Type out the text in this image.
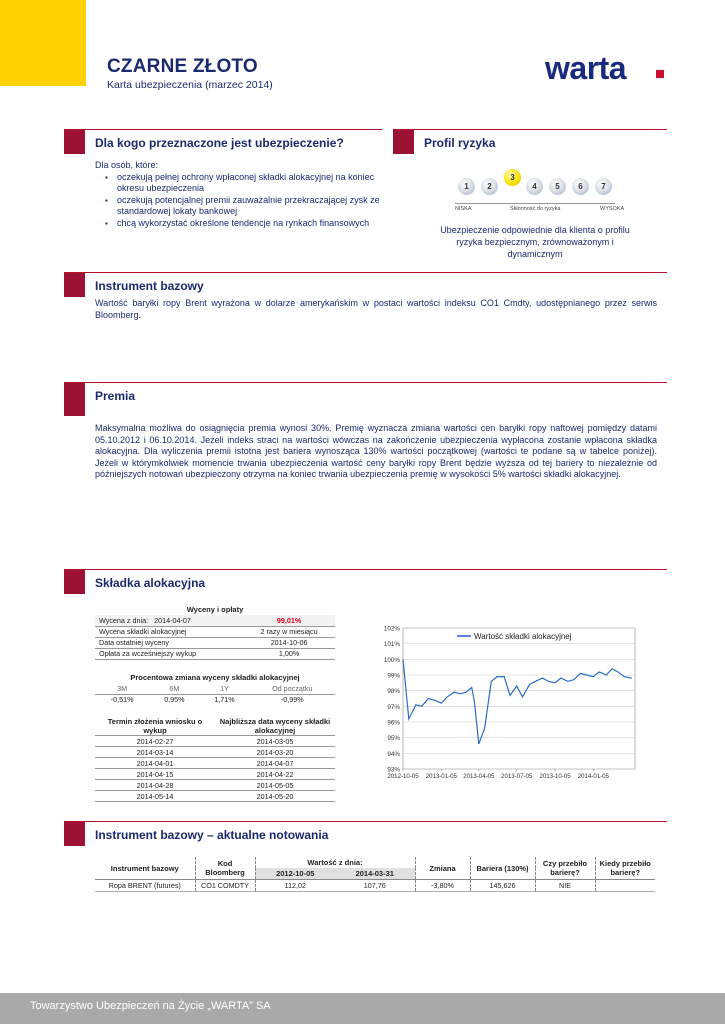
CZARNE ZŁOTO
Karta ubezpieczenia (marzec 2014)	warta
Dla kogo przeznaczone jest ubezpieczenie?
Dla osób, które:
▪ oczekują pełnej ochrony wpłaconej składki alokacyjnej na koniec okresu ubezpieczenia
▪ oczekują potencjalnej premii zauważalnie przekraczającej zysk ze standardowej lokaty bankowej
▪ chcą wykorzystać określone tendencje na rynkach finansowych
Profil ryzyka
1	2
3
4	5	6	7
NISKA	Skłonność do ryzyka	WYSOKA
Ubezpieczenie odpowiednie dla klienta o profilu ryzyka bezpiecznym, zrównoważonym i dynamicznym
Instrument bazowy
Wartość baryłki ropy Brent wyrażona w dolarze amerykańskim w postaci wartości indeksu CO1 Cmdty, udostępnianego przez serwis Bloomberg.
Premia
Maksymalna możliwa do osiągnięcia premia wynosi 30%. Premię wyznacza zmiana wartości cen baryłki ropy naftowej pomiędzy datami 05.10.2012 i 06.10.2014. Jeżeli indeks straci na wartości wówczas na zakończenie ubezpieczenia wypłacona zostanie wpłacona składka alokacyjna. Dla wyliczenia premii istotna jest bariera wynosząca 130% wartości początkowej (wartości te podane są w tabelce poniżej). Jeżeli w którymkolwiek momencie trwania ubezpieczenia wartość ceny baryłki ropy Brent będzie wyższa od tej bariery to niezależnie od późniejszych notowań ubezpieczony otrzyma na koniec trwania ubezpieczenia premię w wysokości 5% wartości składki alokacyjnej.
Składka alokacyjna
Wyceny i opłaty	
Wycena z dnia: 2014-04-07	99,01%
Wycena składki alokacyjnej	2 razy w miesiącu
Data ostatniej wyceny	2014-10-06
Opłata za wcześniejszy wykup	1,00%
Procentowa zmiana wyceny składki alokacyjnej			
3M	6M	1Y	Od początku
-0,51%	0,95%	1,71%	-0,99%
Termin złożenia wniosku o wykup	Najbliższa data wyceny składki alokacyjnej
2014-02-27	2014-03-05
2014-03-14	2014-03-20
2014-04-01	2014-04-07
2014-04-15	2014-04-22
2014-04-28	2014-05-05
2014-05-14	2014-05-20
93%
94%
95%
96%
97%
98%
99%
100%
101%
102%
2012-10-05 2013-01-05 2013-04-05 2013-07-05 2013-10-05 2014-01-05
Wartość składki alokacyjnej
Instrument bazowy – aktualne notowania
Instrument bazowy	Kod Bloomberg	Wartość z dnia:		Zmiana	Bariera (130%)	Czy przebiło barierę?	Kiedy przebiło barierę?
		2012-10-05	2014-03-31				
Ropa BRENT (futures)	CO1 COMDTY	112,02	107,76	-3,80%	145,626	NIE	
Towarzystwo Ubezpieczeń na Życie „WARTA” SA
